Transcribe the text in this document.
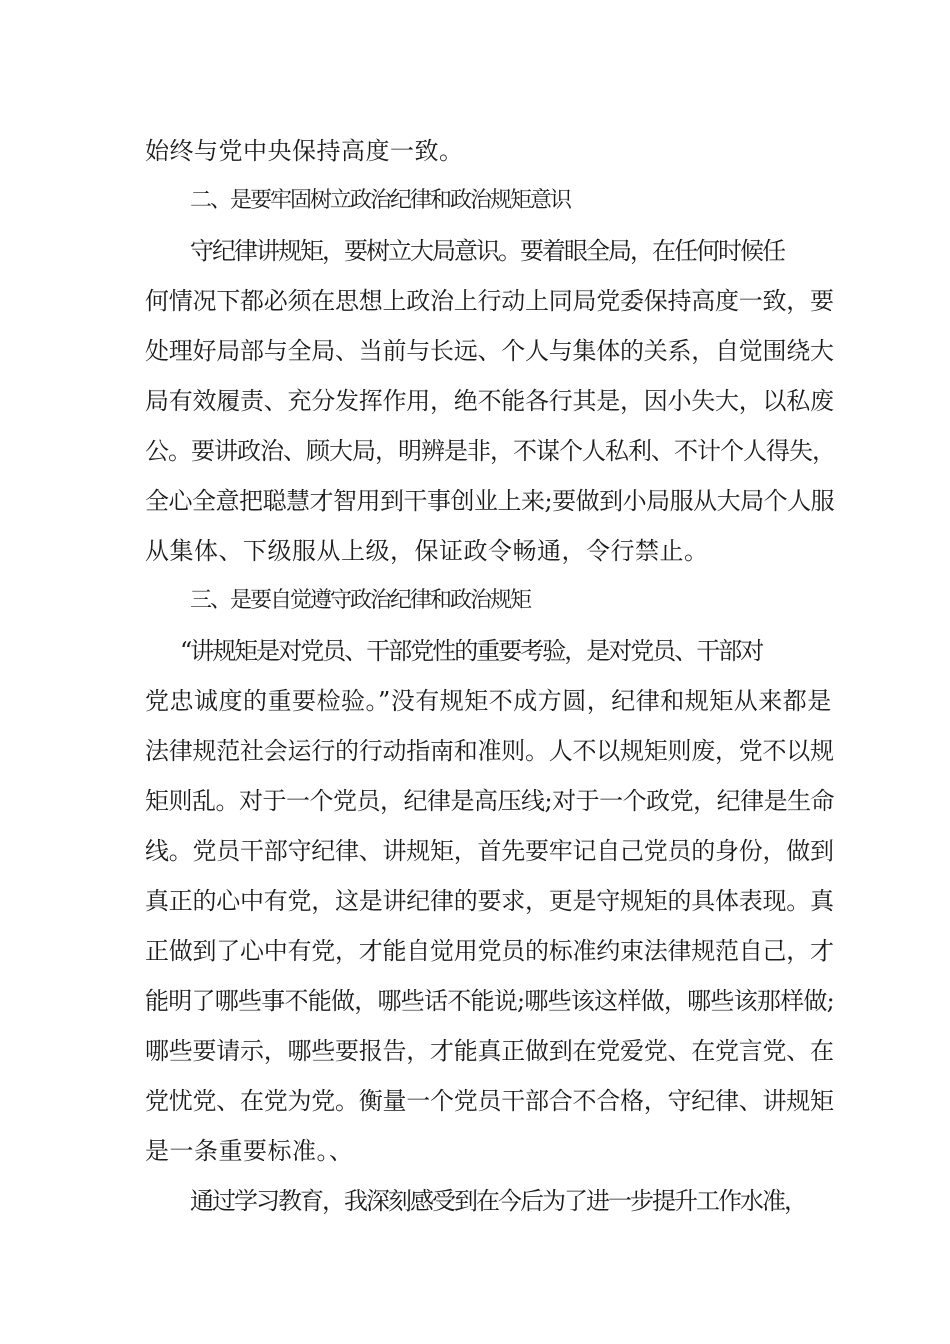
始终与党中央保持高度一致。
二、是要牢固树立政治纪律和政治规矩意识
守纪律讲规矩，要树立大局意识。要着眼全局，在任何时候任
何情况下都必须在思想上政治上行动上同局党委保持高度一致，要
处理好局部与全局、当前与长远、个人与集体的关系，自觉围绕大
局有效履责、充分发挥作用，绝不能各行其是，因小失大，以私废
公。要讲政治、顾大局，明辨是非，不谋个人私利、不计个人得失，
全心全意把聪慧才智用到干事创业上来;要做到小局服从大局个人服
从集体、下级服从上级，保证政令畅通，令行禁止。
三、是要自觉遵守政治纪律和政治规矩
“讲规矩是对党员、干部党性的重要考验，是对党员、干部对
党忠诚度的重要检验。”没有规矩不成方圆，纪律和规矩从来都是
法律规范社会运行的行动指南和准则。人不以规矩则废，党不以规
矩则乱。对于一个党员，纪律是高压线;对于一个政党，纪律是生命
线。党员干部守纪律、讲规矩，首先要牢记自己党员的身份，做到
真正的心中有党，这是讲纪律的要求，更是守规矩的具体表现。真
正做到了心中有党，才能自觉用党员的标准约束法律规范自己，才
能明了哪些事不能做，哪些话不能说;哪些该这样做，哪些该那样做;
哪些要请示，哪些要报告，才能真正做到在党爱党、在党言党、在
党忧党、在党为党。衡量一个党员干部合不合格，守纪律、讲规矩
是一条重要标准。、
通过学习教育，我深刻感受到在今后为了进一步提升工作水准，
